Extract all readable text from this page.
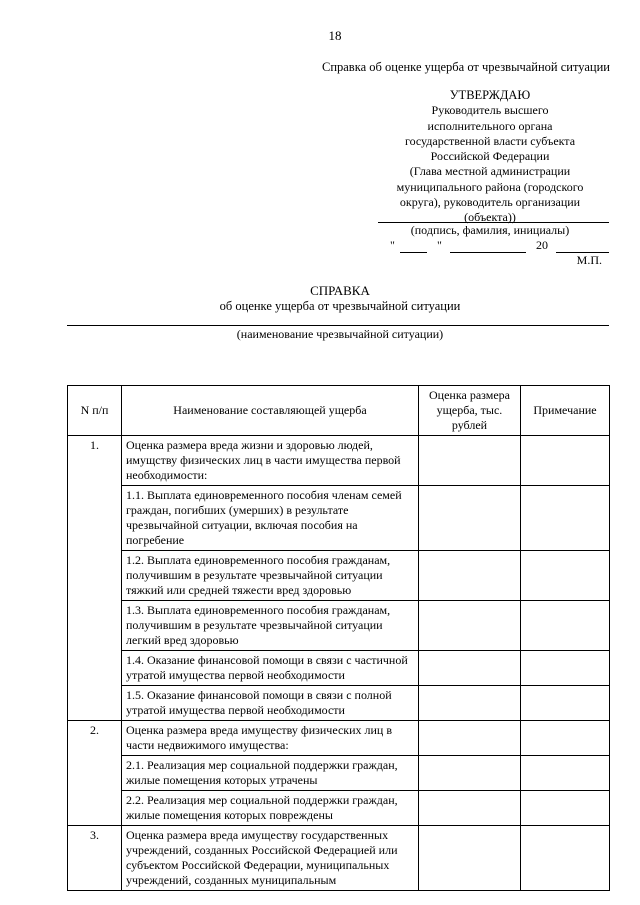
18
Справка об оценке ущерба от чрезвычайной ситуации
УТВЕРЖДАЮ
Руководитель высшего
исполнительного органа
государственной власти субъекта
Российской Федерации
(Глава местной администрации
муниципального района (городского
округа), руководитель организации
(объекта))
(подпись, фамилия, инициалы)
"	"	20
М.П.
СПРАВКА
об оценке ущерба от чрезвычайной ситуации
(наименование чрезвычайной ситуации)
N п/п	Наименование составляющей ущерба	Оценка размера ущерба, тыс. рублей	Примечание
1.	Оценка размера вреда жизни и здоровью людей, имущству физических лиц в части имущества первой необходимости:		
	1.1. Выплата единовременного пособия членам семей граждан, погибших (умерших) в результате чрезвычайной ситуации, включая пособия на погребение		
	1.2. Выплата единовременного пособия гражданам, получившим в результате чрезвычайной ситуации тяжкий или средней тяжести вред здоровью		
	1.3. Выплата единовременного пособия гражданам, получившим в результате чрезвычайной ситуации легкий вред здоровью		
	1.4. Оказание финансовой помощи в связи с частичной утратой имущества первой необходимости		
	1.5. Оказание финансовой помощи в связи с полной утратой имущества первой необходимости		
2.	Оценка размера вреда имуществу физических лиц в части недвижимого имущества:		
	2.1. Реализация мер социальной поддержки граждан, жилые помещения которых утрачены		
	2.2. Реализация мер социальной поддержки граждан, жилые помещения которых повреждены		
3.	Оценка размера вреда имуществу государственных учреждений, созданных Российской Федерацией или субъектом Российской Федерации, муниципальных учреждений, созданных муниципальным		
